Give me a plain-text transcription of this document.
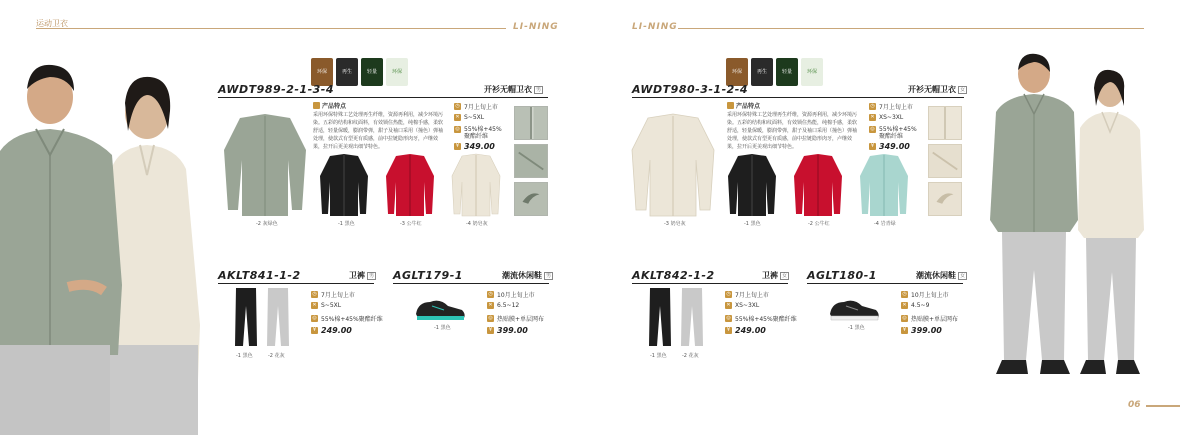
运动卫衣	LI-NING	LI-NING
环保	再生	轻量	环保
AWDT989-2-1-3-4	开衫无帽卫衣 男
产品特点
采用环保特殊工艺处理再生纤维，资源再利用，减少环境污染。五彩的结构和纹面料，有效锁住热能，纯棉手感，柔软舒适，轻量保暖，膨润带弹，甜子及袖口采用（撞色）弹袖处理，使款式有型更有质感，前中拉链隐形肉牙，卢继效果，拉开后更美观出细节特色。
◷ 7月上旬上市
✕ S~5XL
◎ 55%棉+45%聚酯纤维
¥ 349.00
-2 灰绿色	-1 黑色	-3 公牛红	-4 奶皂灰
AKLT841-1-2	卫裤 男
-1 黑色	-2 花灰
◷ 7月上旬上市
✕ S~5XL
◎ 55%棉+45%聚酯纤维
¥ 249.00
AGLT179-1	潮流休闲鞋 男
-1 黑色
◷ 10月上旬上市
✕ 6.5~12
◎ 热贴膜+单层网布
¥ 399.00
环保	再生	轻量	环保
AWDT980-3-1-2-4	开衫无帽卫衣 女
产品特点
采用环保特殊工艺处理再生纤维，资源再利用，减少环境污染。五彩的结构和纹面料，有效锁住热能，纯棉手感，柔软舒适，轻量保暖，膨润带弹，甜子及袖口采用（撞色）弹袖处理，使款式有型更有质感，前中拉链隐形肉牙，卢继效果，拉开后更美观出细节特色。
◷ 7月上旬上市
✕ XS~3XL
◎ 55%棉+45%聚酯纤维
¥ 349.00
-3 奶皂灰	-1 黑色	-2 公牛红	-4 岩青绿
AKLT842-1-2	卫裤 女
-1 黑色	-2 花灰
◷ 7月上旬上市
✕ XS~3XL
◎ 55%棉+45%聚酯纤维
¥ 249.00
AGLT180-1	潮流休闲鞋 女
-1 黑色
◷ 10月上旬上市
✕ 4.5~9
◎ 热贴膜+单层网布
¥ 399.00
06
